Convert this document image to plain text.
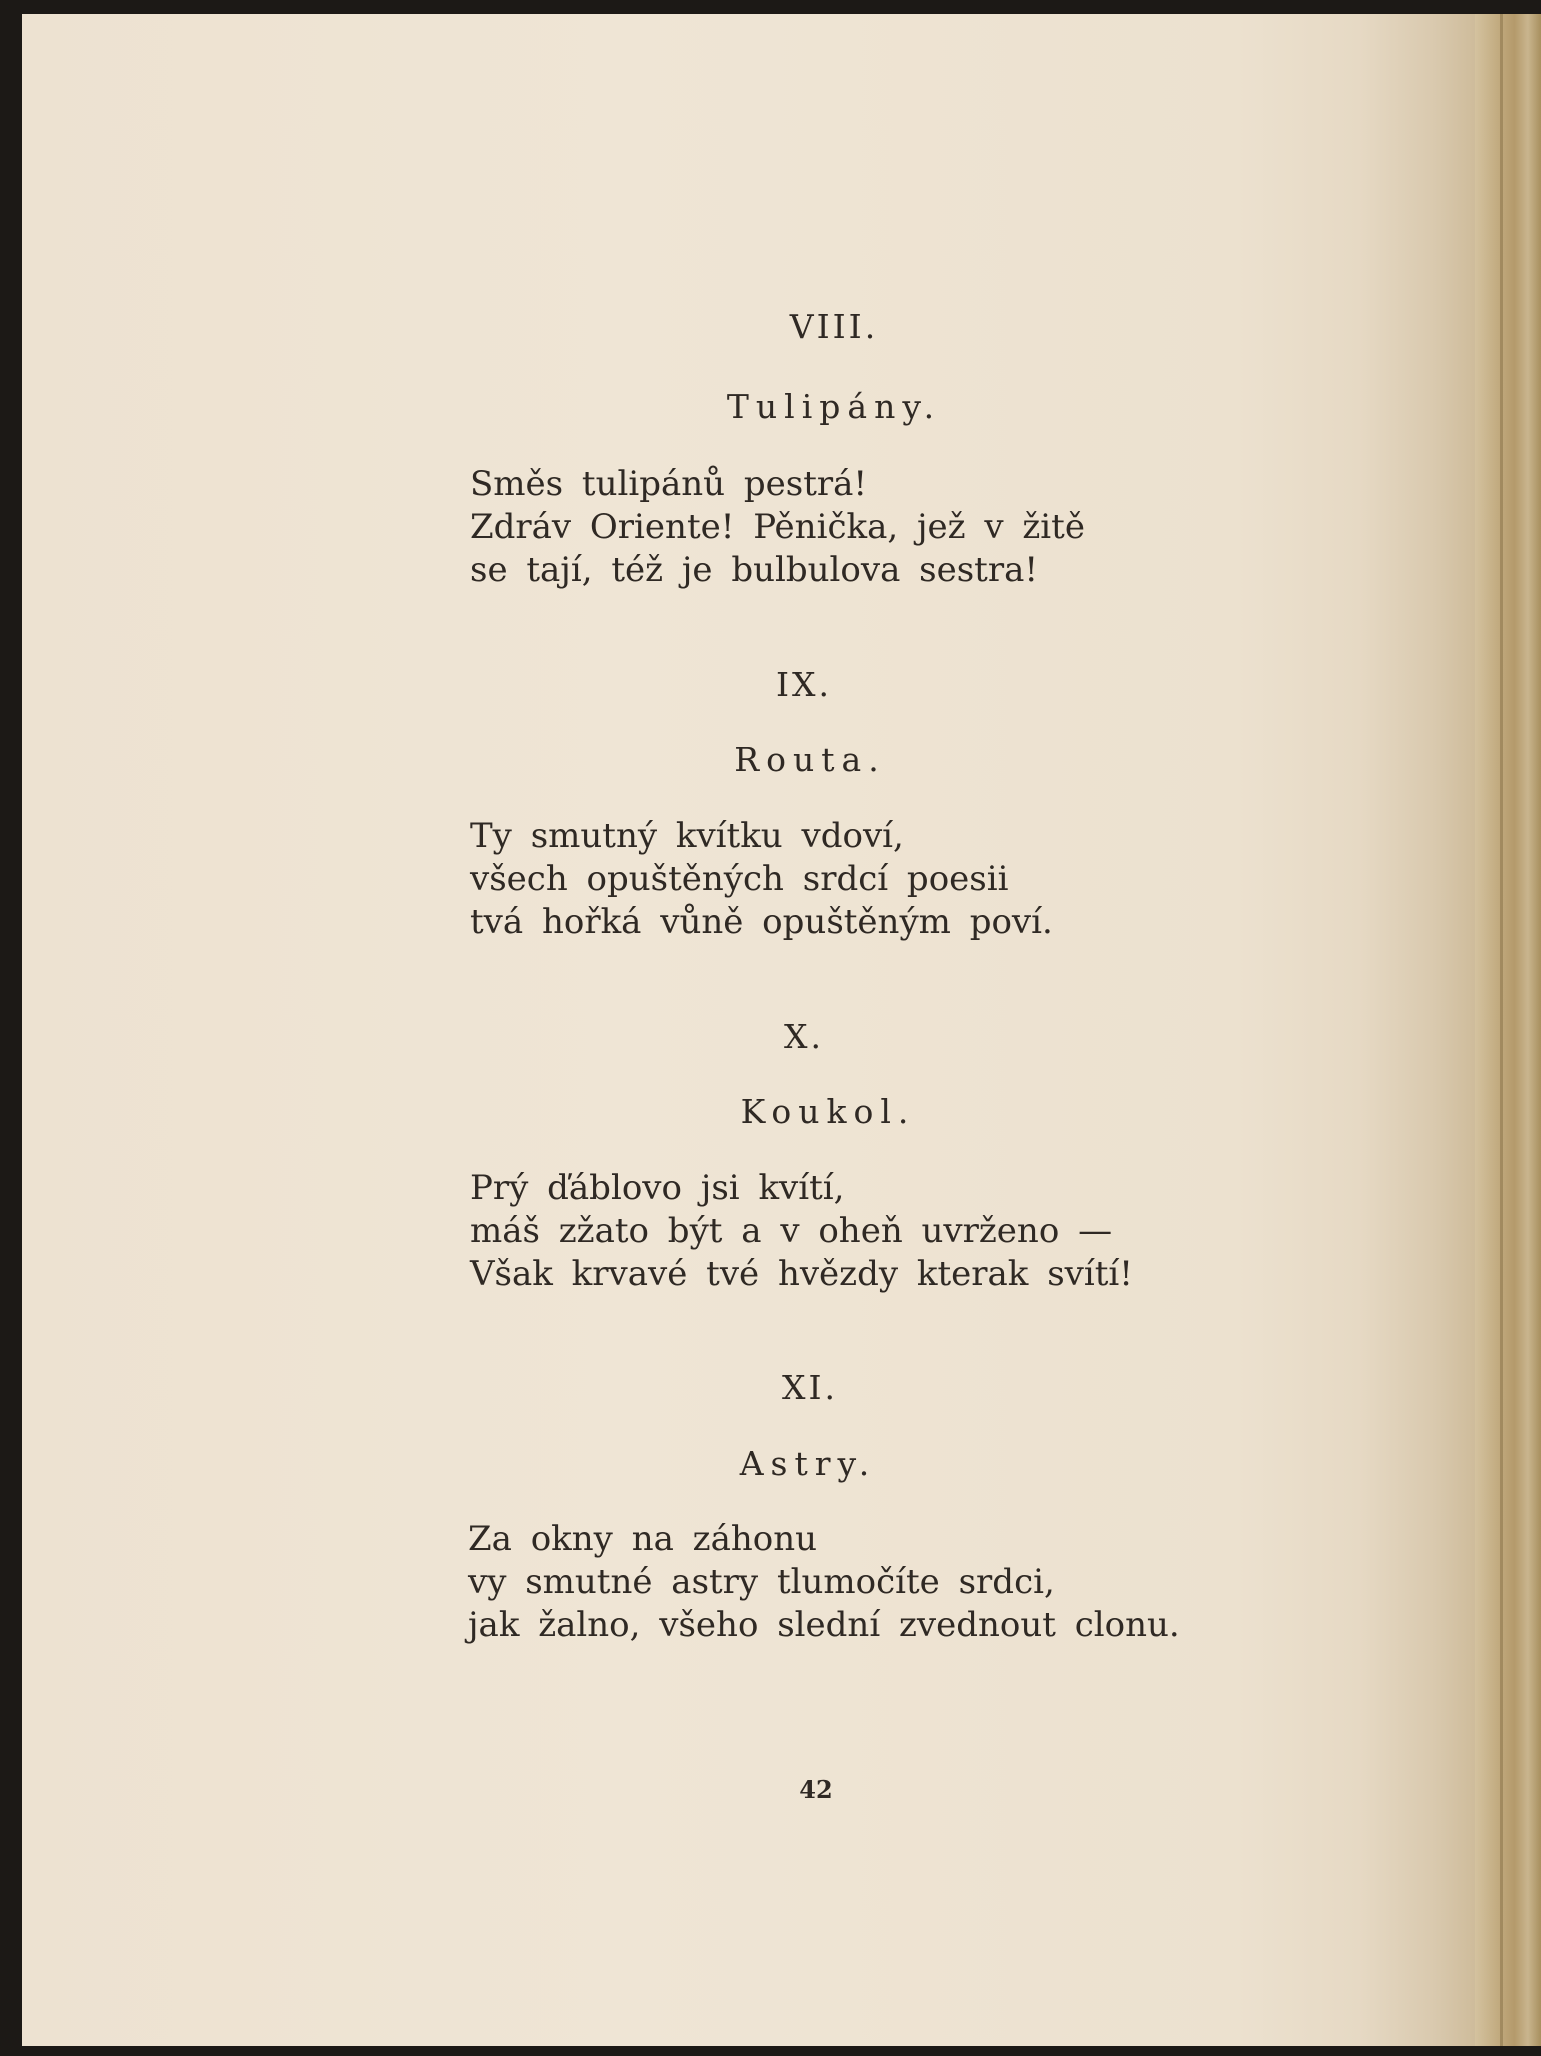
VIII.
Tulipány.
Směs tulipánů pestrá!
Zdráv Oriente! Pěnička, jež v žitě
se tají, též je bulbulova sestra!
IX.
Routa.
Ty smutný kvítku vdoví,
všech opuštěných srdcí poesii
tvá hořká vůně opuštěným poví.
X.
Koukol.
Prý ďáblovo jsi kvítí,
máš zžato být a v oheň uvrženo —
Však krvavé tvé hvězdy kterak svítí!
XI.
Astry.
Za okny na záhonu
vy smutné astry tlumočíte srdci,
jak žalno, všeho slední zvednout clonu.
42
